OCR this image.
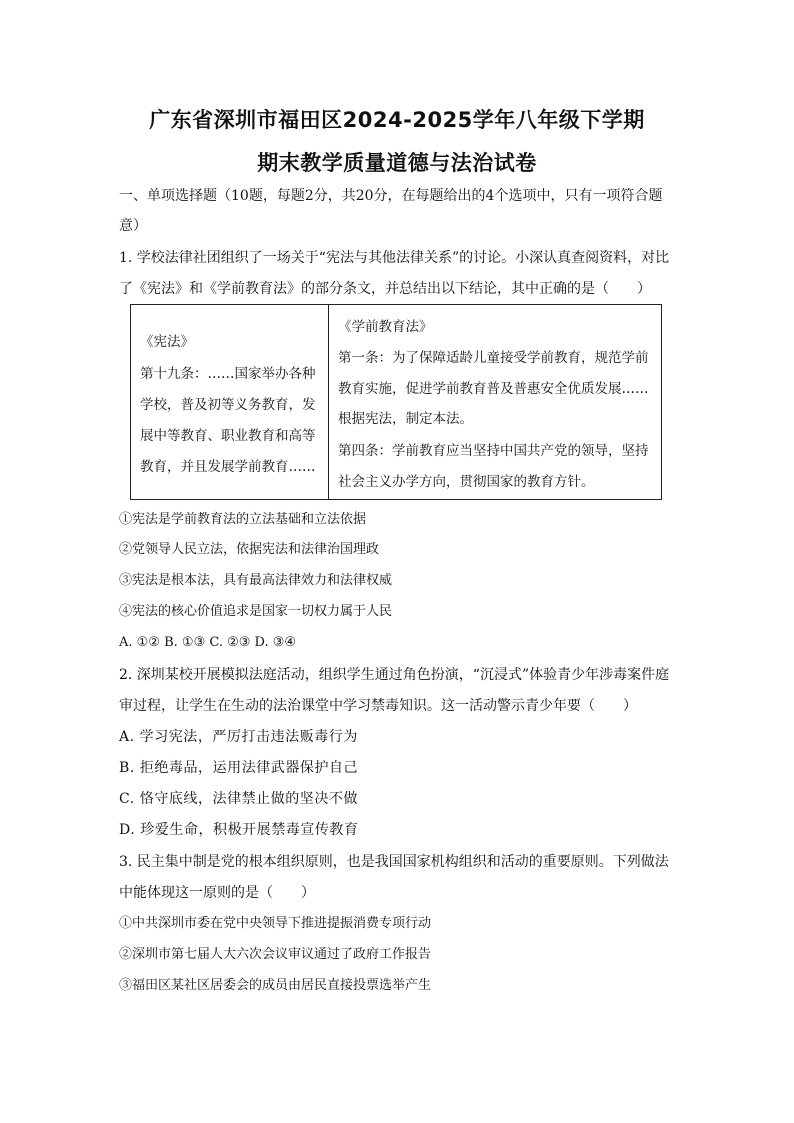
广东省深圳市福田区2024-2025学年八年级下学期
期末教学质量道德与法治试卷

一、单项选择题（10题，每题2分，共20分，在每题给出的4个选项中，只有一项符合题

意）

1. 学校法律社团组织了一场关于“宪法与其他法律关系”的讨论。小深认真查阅资料，对比

了《宪法》和《学前教育法》的部分条文，并总结出以下结论，其中正确的是（　　）

《宪法》

第十九条：……国家举办各种

学校，普及初等义务教育，发

展中等教育、职业教育和高等

教育，并且发展学前教育……

《学前教育法》

第一条：为了保障适龄儿童接受学前教育，规范学前

教育实施，促进学前教育普及普惠安全优质发展……

根据宪法，制定本法。

第四条：学前教育应当坚持中国共产党的领导，坚持

社会主义办学方向，贯彻国家的教育方针。

①宪法是学前教育法的立法基础和立法依据

②党领导人民立法，依据宪法和法律治国理政

③宪法是根本法，具有最高法律效力和法律权威

④宪法的核心价值追求是国家一切权力属于人民

A. ①② B. ①③ C. ②③ D. ③④

2. 深圳某校开展模拟法庭活动，组织学生通过角色扮演，“沉浸式”体验青少年涉毒案件庭

审过程，让学生在生动的法治课堂中学习禁毒知识。这一活动警示青少年要（　　）

A. 学习宪法，严厉打击违法贩毒行为

B. 拒绝毒品，运用法律武器保护自己

C. 恪守底线，法律禁止做的坚决不做

D. 珍爱生命，积极开展禁毒宣传教育

3. 民主集中制是党的根本组织原则，也是我国国家机构组织和活动的重要原则。下列做法

中能体现这一原则的是（　　）

①中共深圳市委在党中央领导下推进提振消费专项行动

②深圳市第七届人大六次会议审议通过了政府工作报告

③福田区某社区居委会的成员由居民直接投票选举产生
